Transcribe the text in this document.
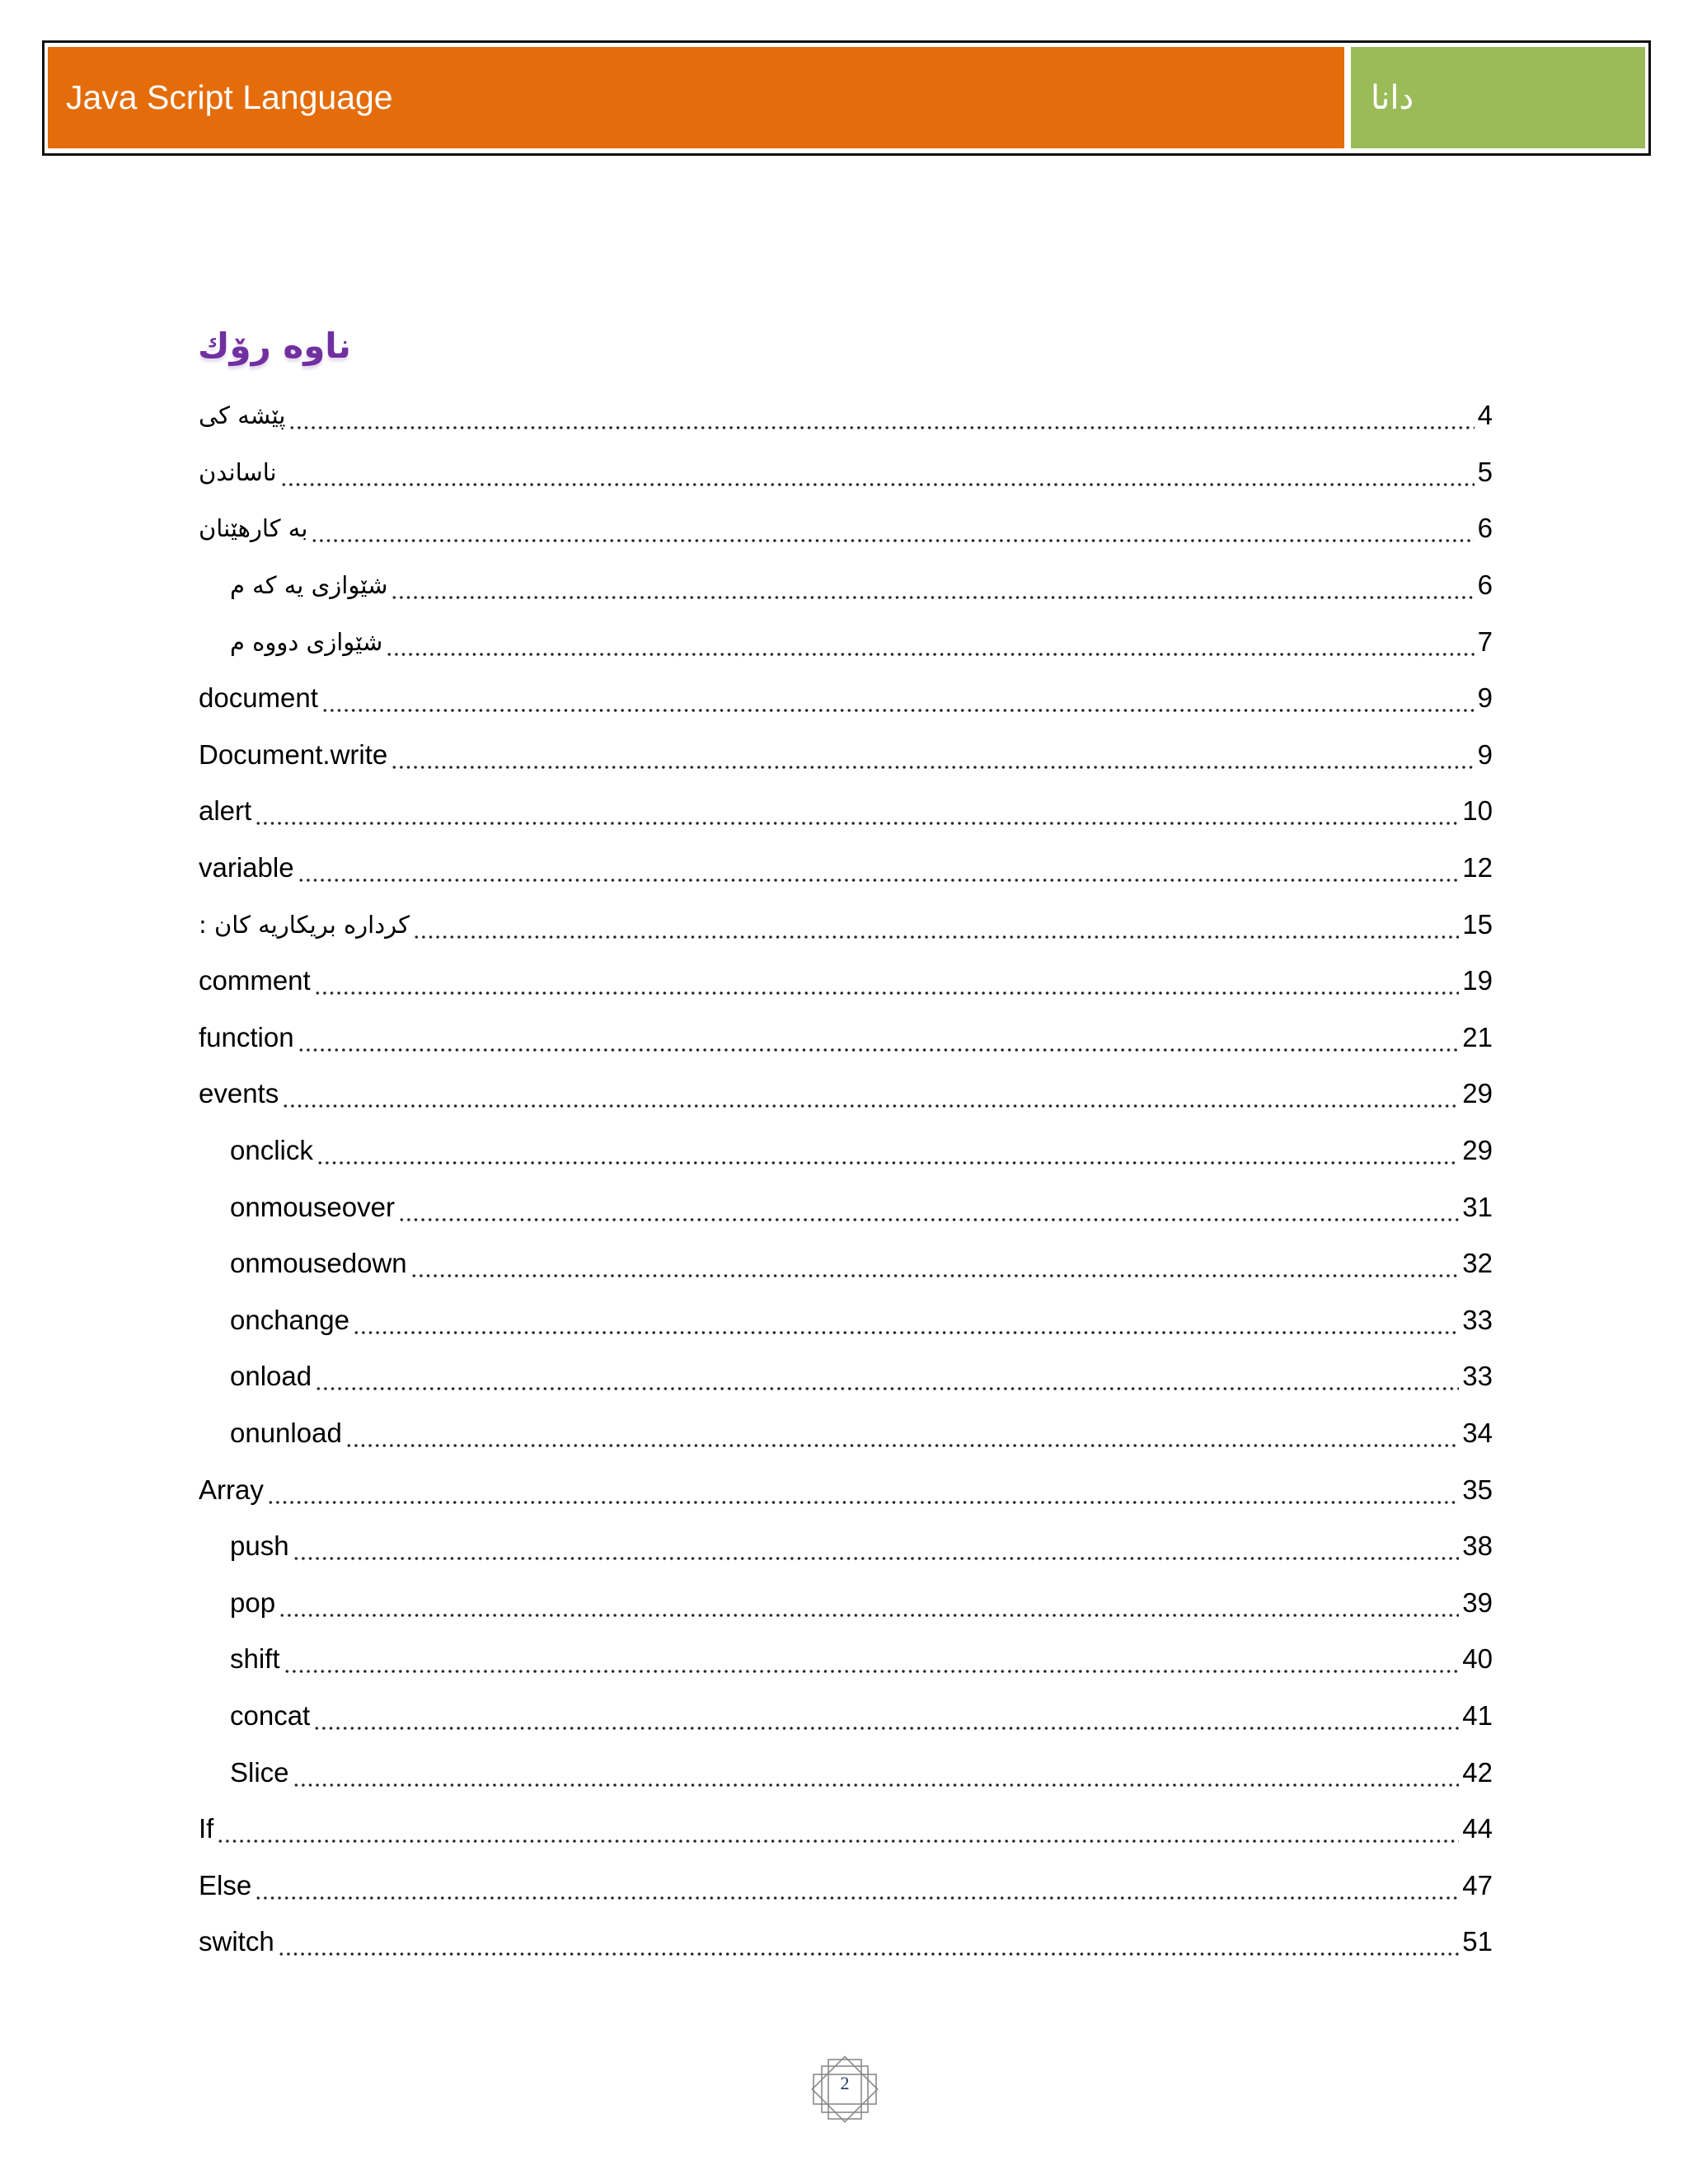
Java Script Language	دانا
ناوه رۆك
پێشه کی	4
ناساندن	5
به کارهێنان	6
شێوازی یه که م	6
شێوازی دووه م	7
document	9
Document.write	9
alert	10
variable	12
کرداره بریکاریه کان :	15
comment	19
function	21
events	29
onclick	29
onmouseover	31
onmousedown	32
onchange	33
onload	33
onunload	34
Array	35
push	38
pop	39
shift	40
concat	41
Slice	42
If	44
Else	47
switch	51
2
